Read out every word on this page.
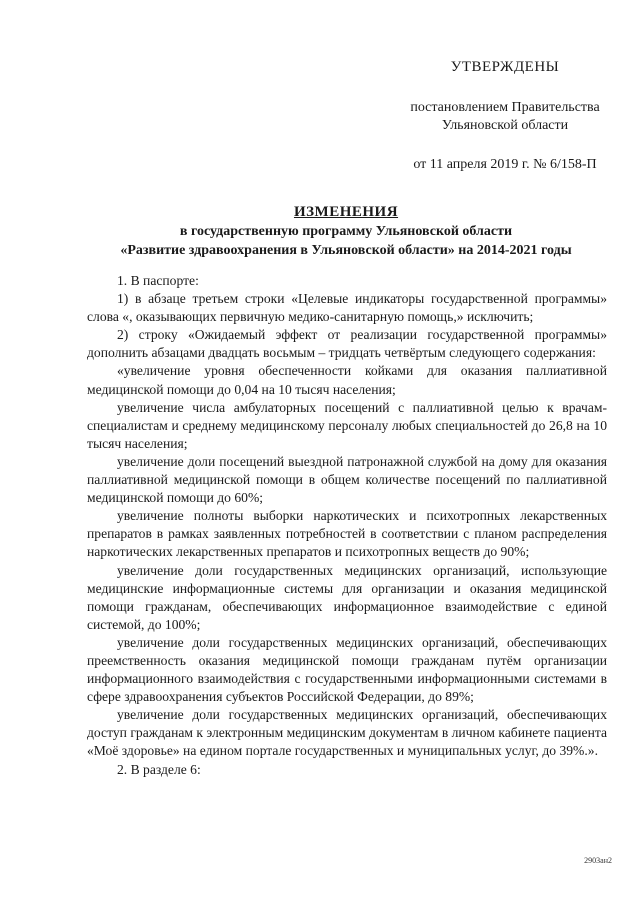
УТВЕРЖДЕНЫ
постановлением Правительства
Ульяновской области
от 11 апреля 2019 г. № 6/158-П
ИЗМЕНЕНИЯ
в государственную программу Ульяновской области
«Развитие здравоохранения в Ульяновской области» на 2014-2021 годы

1. В паспорте:

1) в абзаце третьем строки «Целевые индикаторы государственной программы» слова «, оказывающих первичную медико-санитарную помощь,» исключить;

2) строку «Ожидаемый эффект от реализации государственной программы» дополнить абзацами двадцать восьмым – тридцать четвёртым следующего содержания:

«увеличение уровня обеспеченности койками для оказания паллиативной медицинской помощи до 0,04 на 10 тысяч населения;

увеличение числа амбулаторных посещений с паллиативной целью к врачам-специалистам и среднему медицинскому персоналу любых специальностей до 26,8 на 10 тысяч населения;

увеличение доли посещений выездной патронажной службой на дому для оказания паллиативной медицинской помощи в общем количестве посещений по паллиативной медицинской помощи до 60%;

увеличение полноты выборки наркотических и психотропных лекарственных препаратов в рамках заявленных потребностей в соответствии с планом распределения наркотических лекарственных препаратов и психотропных веществ до 90%;

увеличение доли государственных медицинских организаций, использующие медицинские информационные системы для организации и оказания медицинской помощи гражданам, обеспечивающих информационное взаимодействие с единой системой, до 100%;

увеличение доли государственных медицинских организаций, обеспечивающих преемственность оказания медицинской помощи гражданам путём организации информационного взаимодействия с государственными информационными системами в сфере здравоохранения субъектов Российской Федерации, до 89%;

увеличение доли государственных медицинских организаций, обеспечивающих доступ гражданам к электронным медицинским документам в личном кабинете пациента «Моё здоровье» на едином портале государственных и муниципальных услуг, до 39%.».

2. В разделе 6:

2903ан2
